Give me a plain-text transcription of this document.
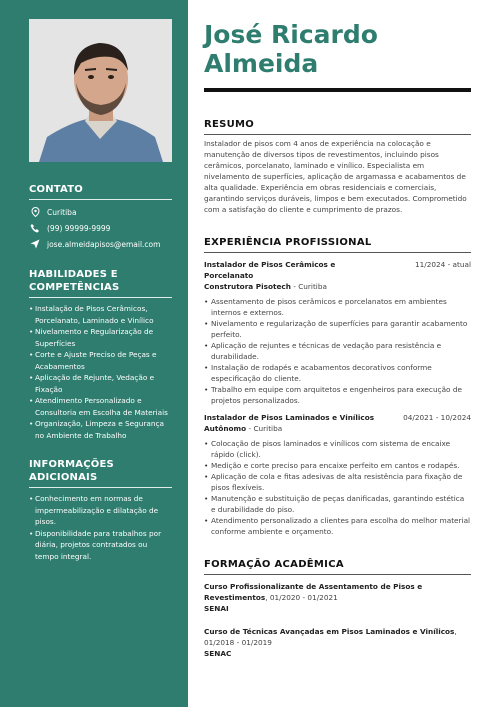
CONTATO
Curitiba
(99) 99999-9999
jose.almeidapisos@email.com
HABILIDADES E
COMPETÊNCIAS
• Instalação de Pisos Cerâmicos, Porcelanato, Laminado e Vinílico
• Nivelamento e Regularização de Superfícies
• Corte e Ajuste Preciso de Peças e Acabamentos
• Aplicação de Rejunte, Vedação e Fixação
• Atendimento Personalizado e Consultoria em Escolha de Materiais
• Organização, Limpeza e Segurança no Ambiente de Trabalho
INFORMAÇÕES ADICIONAIS
• Conhecimento em normas de impermeabilização e dilatação de pisos.
• Disponibilidade para trabalhos por diária, projetos contratados ou tempo integral.
José Ricardo
Almeida
RESUMO
Instalador de pisos com 4 anos de experiência na colocação e manutenção de diversos tipos de revestimentos, incluindo pisos cerâmicos, porcelanato, laminado e vinílico. Especialista em nivelamento de superfícies, aplicação de argamassa e acabamentos de alta qualidade. Experiência em obras residenciais e comerciais, garantindo serviços duráveis, limpos e bem executados. Comprometido com a satisfação do cliente e cumprimento de prazos.
EXPERIÊNCIA PROFISSIONAL
Instalador de Pisos Cerâmicos e Porcelanato
11/2024 - atual
Construtora Pisotech - Curitiba
• Assentamento de pisos cerâmicos e porcelanatos em ambientes internos e externos.
• Nivelamento e regularização de superfícies para garantir acabamento perfeito.
• Aplicação de rejuntes e técnicas de vedação para resistência e durabilidade.
• Instalação de rodapés e acabamentos decorativos conforme especificação do cliente.
• Trabalho em equipe com arquitetos e engenheiros para execução de projetos personalizados.
Instalador de Pisos Laminados e Vinílicos	04/2021 - 10/2024
Autônomo - Curitiba
• Colocação de pisos laminados e vinílicos com sistema de encaixe rápido (click).
• Medição e corte preciso para encaixe perfeito em cantos e rodapés.
• Aplicação de cola e fitas adesivas de alta resistência para fixação de pisos flexíveis.
• Manutenção e substituição de peças danificadas, garantindo estética e durabilidade do piso.
• Atendimento personalizado a clientes para escolha do melhor material conforme ambiente e orçamento.
FORMAÇÃO ACADÊMICA
Curso Profissionalizante de Assentamento de Pisos e Revestimentos, 01/2020 - 01/2021
SENAI
Curso de Técnicas Avançadas em Pisos Laminados e Vinílicos, 01/2018 - 01/2019
SENAC
